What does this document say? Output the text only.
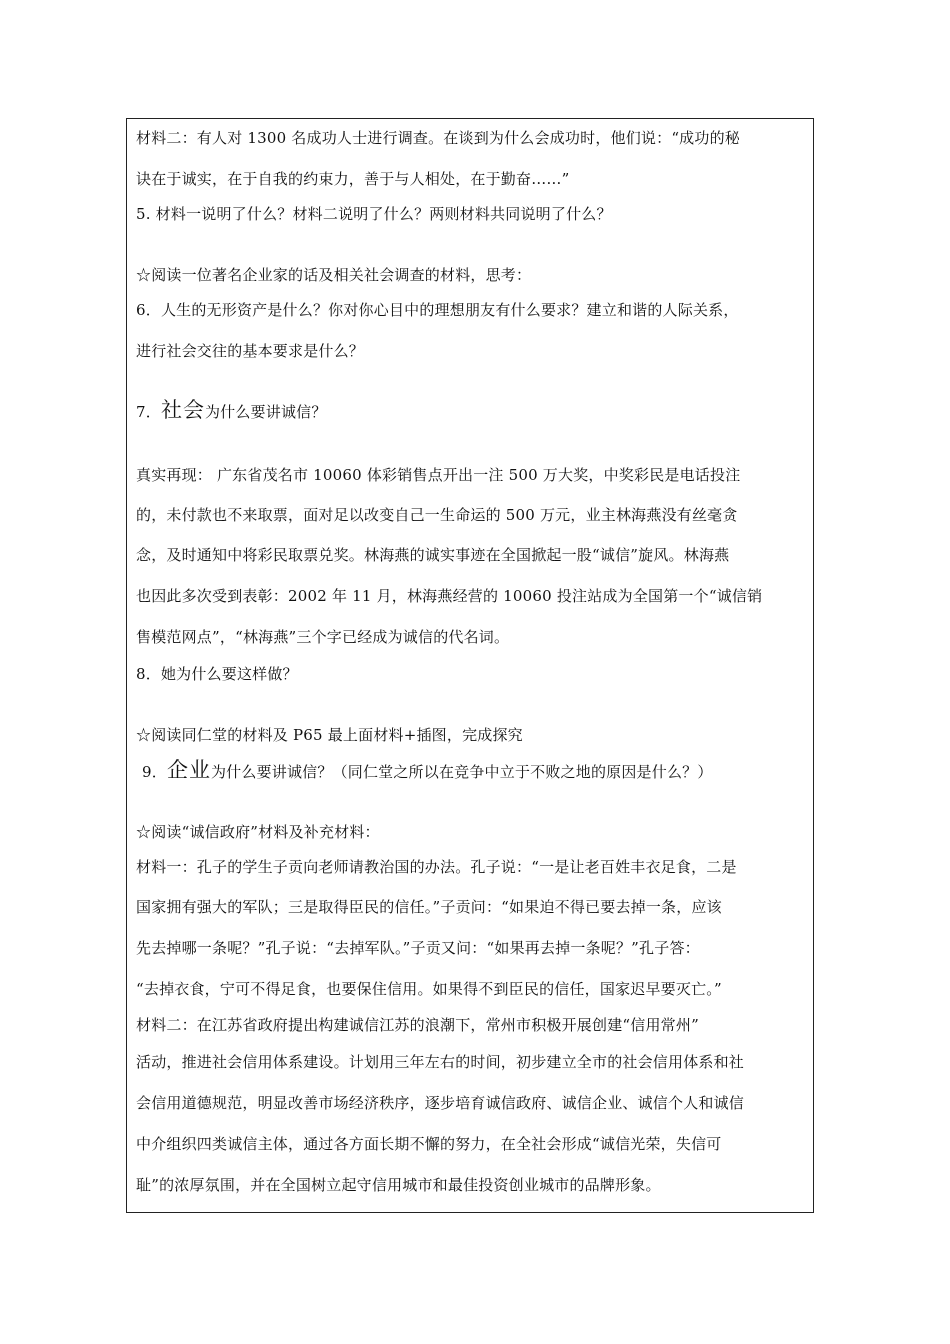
材料二：有人对 1300 名成功人士进行调查。在谈到为什么会成功时，他们说：“成功的秘
诀在于诚实，在于自我的约束力，善于与人相处，在于勤奋……”
5. 材料一说明了什么？材料二说明了什么？两则材料共同说明了什么？
☆阅读一位著名企业家的话及相关社会调查的材料，思考：
6．人生的无形资产是什么？你对你心目中的理想朋友有什么要求？建立和谐的人际关系，
进行社会交往的基本要求是什么？
7．社会为什么要讲诚信？
真实再现： 广东省茂名市 10060 体彩销售点开出一注 500 万大奖，中奖彩民是电话投注
的，未付款也不来取票，面对足以改变自己一生命运的 500 万元，业主林海燕没有丝毫贪
念，及时通知中将彩民取票兑奖。林海燕的诚实事迹在全国掀起一股“诚信”旋风。林海燕
也因此多次受到表彰：2002 年 11 月，林海燕经营的 10060 投注站成为全国第一个“诚信销
售模范网点”，“林海燕”三个字已经成为诚信的代名词。
8．她为什么要这样做？
☆阅读同仁堂的材料及 P65 最上面材料+插图，完成探究
9．企业为什么要讲诚信？（同仁堂之所以在竞争中立于不败之地的原因是什么？）
☆阅读“诚信政府”材料及补充材料：
材料一：孔子的学生子贡向老师请教治国的办法。孔子说：“一是让老百姓丰衣足食，二是
国家拥有强大的军队；三是取得臣民的信任。”子贡问：“如果迫不得已要去掉一条，应该
先去掉哪一条呢？”孔子说：“去掉军队。”子贡又问：“如果再去掉一条呢？”孔子答：
“去掉衣食，宁可不得足食，也要保住信用。如果得不到臣民的信任，国家迟早要灭亡。”
材料二：在江苏省政府提出构建诚信江苏的浪潮下，常州市积极开展创建“信用常州”
活动，推进社会信用体系建设。计划用三年左右的时间，初步建立全市的社会信用体系和社
会信用道德规范，明显改善市场经济秩序，逐步培育诚信政府、诚信企业、诚信个人和诚信
中介组织四类诚信主体，通过各方面长期不懈的努力，在全社会形成“诚信光荣，失信可
耻”的浓厚氛围，并在全国树立起守信用城市和最佳投资创业城市的品牌形象。
